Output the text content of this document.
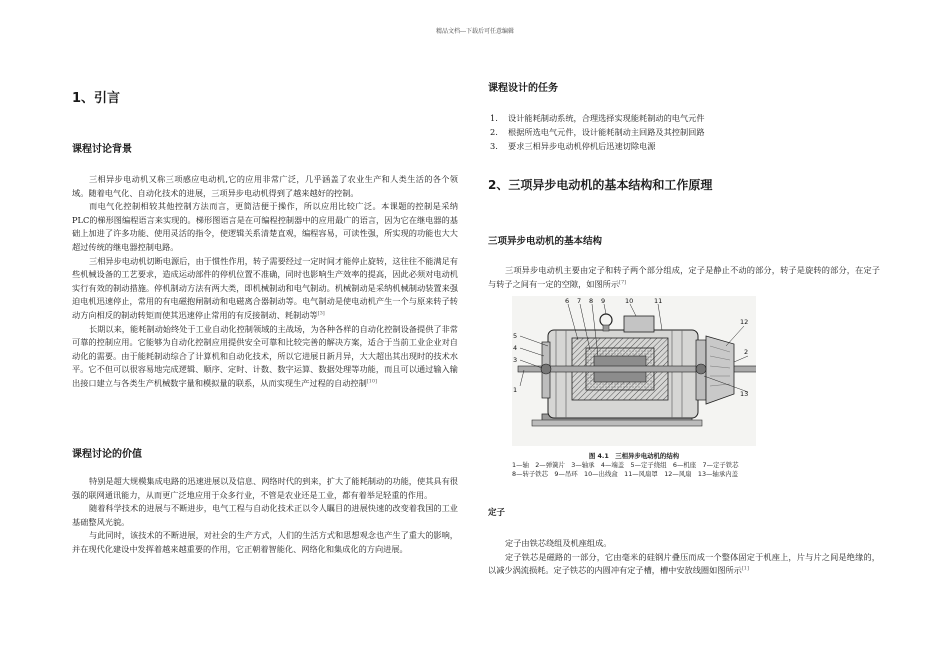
精品文档---下载后可任意编辑
1、引言
课程讨论背景

三相异步电动机又称三项感应电动机,它的应用非常广泛，几乎涵盖了农业生产和人类生活的各个领域。随着电气化、自动化技术的进展，三项异步电动机得到了越来越好的控制。

而电气化控制相较其他控制方法而言，更简洁便于操作，所以应用比较广泛。本课题的控制是采纳PLC的梯形图编程语言来实现的。梯形图语言是在可编程控制器中的应用最广的语言，因为它在继电器的基础上加进了许多功能、使用灵活的指令，使逻辑关系清楚直观，编程容易，可读性强，所实现的功能也大大超过传统的继电器控制电路。

三相异步电动机切断电源后，由于惯性作用，转子需要经过一定时间才能停止旋转，这往往不能满足有些机械设备的工艺要求，造成运动部件的停机位置不准确，同时也影响生产效率的提高，因此必须对电动机实行有效的制动措施。停机制动方法有两大类，即机械制动和电气制动。机械制动是采纳机械制动装置来强迫电机迅速停止，常用的有电磁抱闸制动和电磁离合器制动等。电气制动是使电动机产生一个与原来转子转动方向相反的制动转矩而使其迅速停止常用的有反接制动、耗制动等[3]

长期以来，能耗制动始终处于工业自动化控制领域的主战场，为各种各样的自动化控制设备提供了非常可靠的控制应用。它能够为自动化控制应用提供安全可靠和比较完善的解决方案，适合于当前工业企业对自动化的需要。由于能耗制动综合了计算机和自动化技术，所以它进展日新月异，大大超出其出现时的技术水平。它不但可以很容易地完成逻辑、顺序、定时、计数、数字运算、数据处理等功能，而且可以通过输入输出接口建立与各类生产机械数字量和模拟量的联系，从而实现生产过程的自动控制[10]

课程讨论的价值

特别是超大规模集成电路的迅速进展以及信息、网络时代的到来，扩大了能耗制动的功能，使其具有很强的联网通讯能力，从而更广泛地应用于众多行业，不管是农业还是工业，都有着举足轻重的作用。

随着科学技术的进展与不断进步，电气工程与自动化技术正以令人瞩目的进展快速的改变着我国的工业基础整风光貌。

与此同时，该技术的不断进展，对社会的生产方式，人们的生活方式和思想观念也产生了重大的影响，并在现代化建设中发挥着越来越重要的作用，它正朝着智能化、网络化和集成化的方向进展。

课程设计的任务
1. 设计能耗制动系统，合理选择实现能耗制动的电气元件
2. 根据所选电气元件，设计能耗制动主回路及其控制回路
3. 要求三相异步电动机停机后迅速切除电源
2、三项异步电动机的基本结构和工作原理
三项异步电动机的基本结构

三项异步电动机主要由定子和转子两个部分组成，定子是静止不动的部分，转子是旋转的部分，在定子与转子之间有一定的空隙，如图所示[7]

5
4
3
1
6 7 8 9	10	11
12
13
2
图 4.1　三相异步电动机的结构
1—轴　2—弹簧片　3—轴承　4—端盖　5—定子绕组　6—机座　7—定子铁芯
8—转子铁芯　9—吊环　10—出线盒　11—风扇罩　12—风扇　13—轴承内盖
定子

定子由铁芯绕组及机座组成。

定子铁芯是磁路的一部分，它由毫米的硅钢片叠压而成一个整体固定于机座上，片与片之间是绝缘的，以减少涡流损耗。定子铁芯的内圆冲有定子槽，槽中安放线圈如图所示[1]
